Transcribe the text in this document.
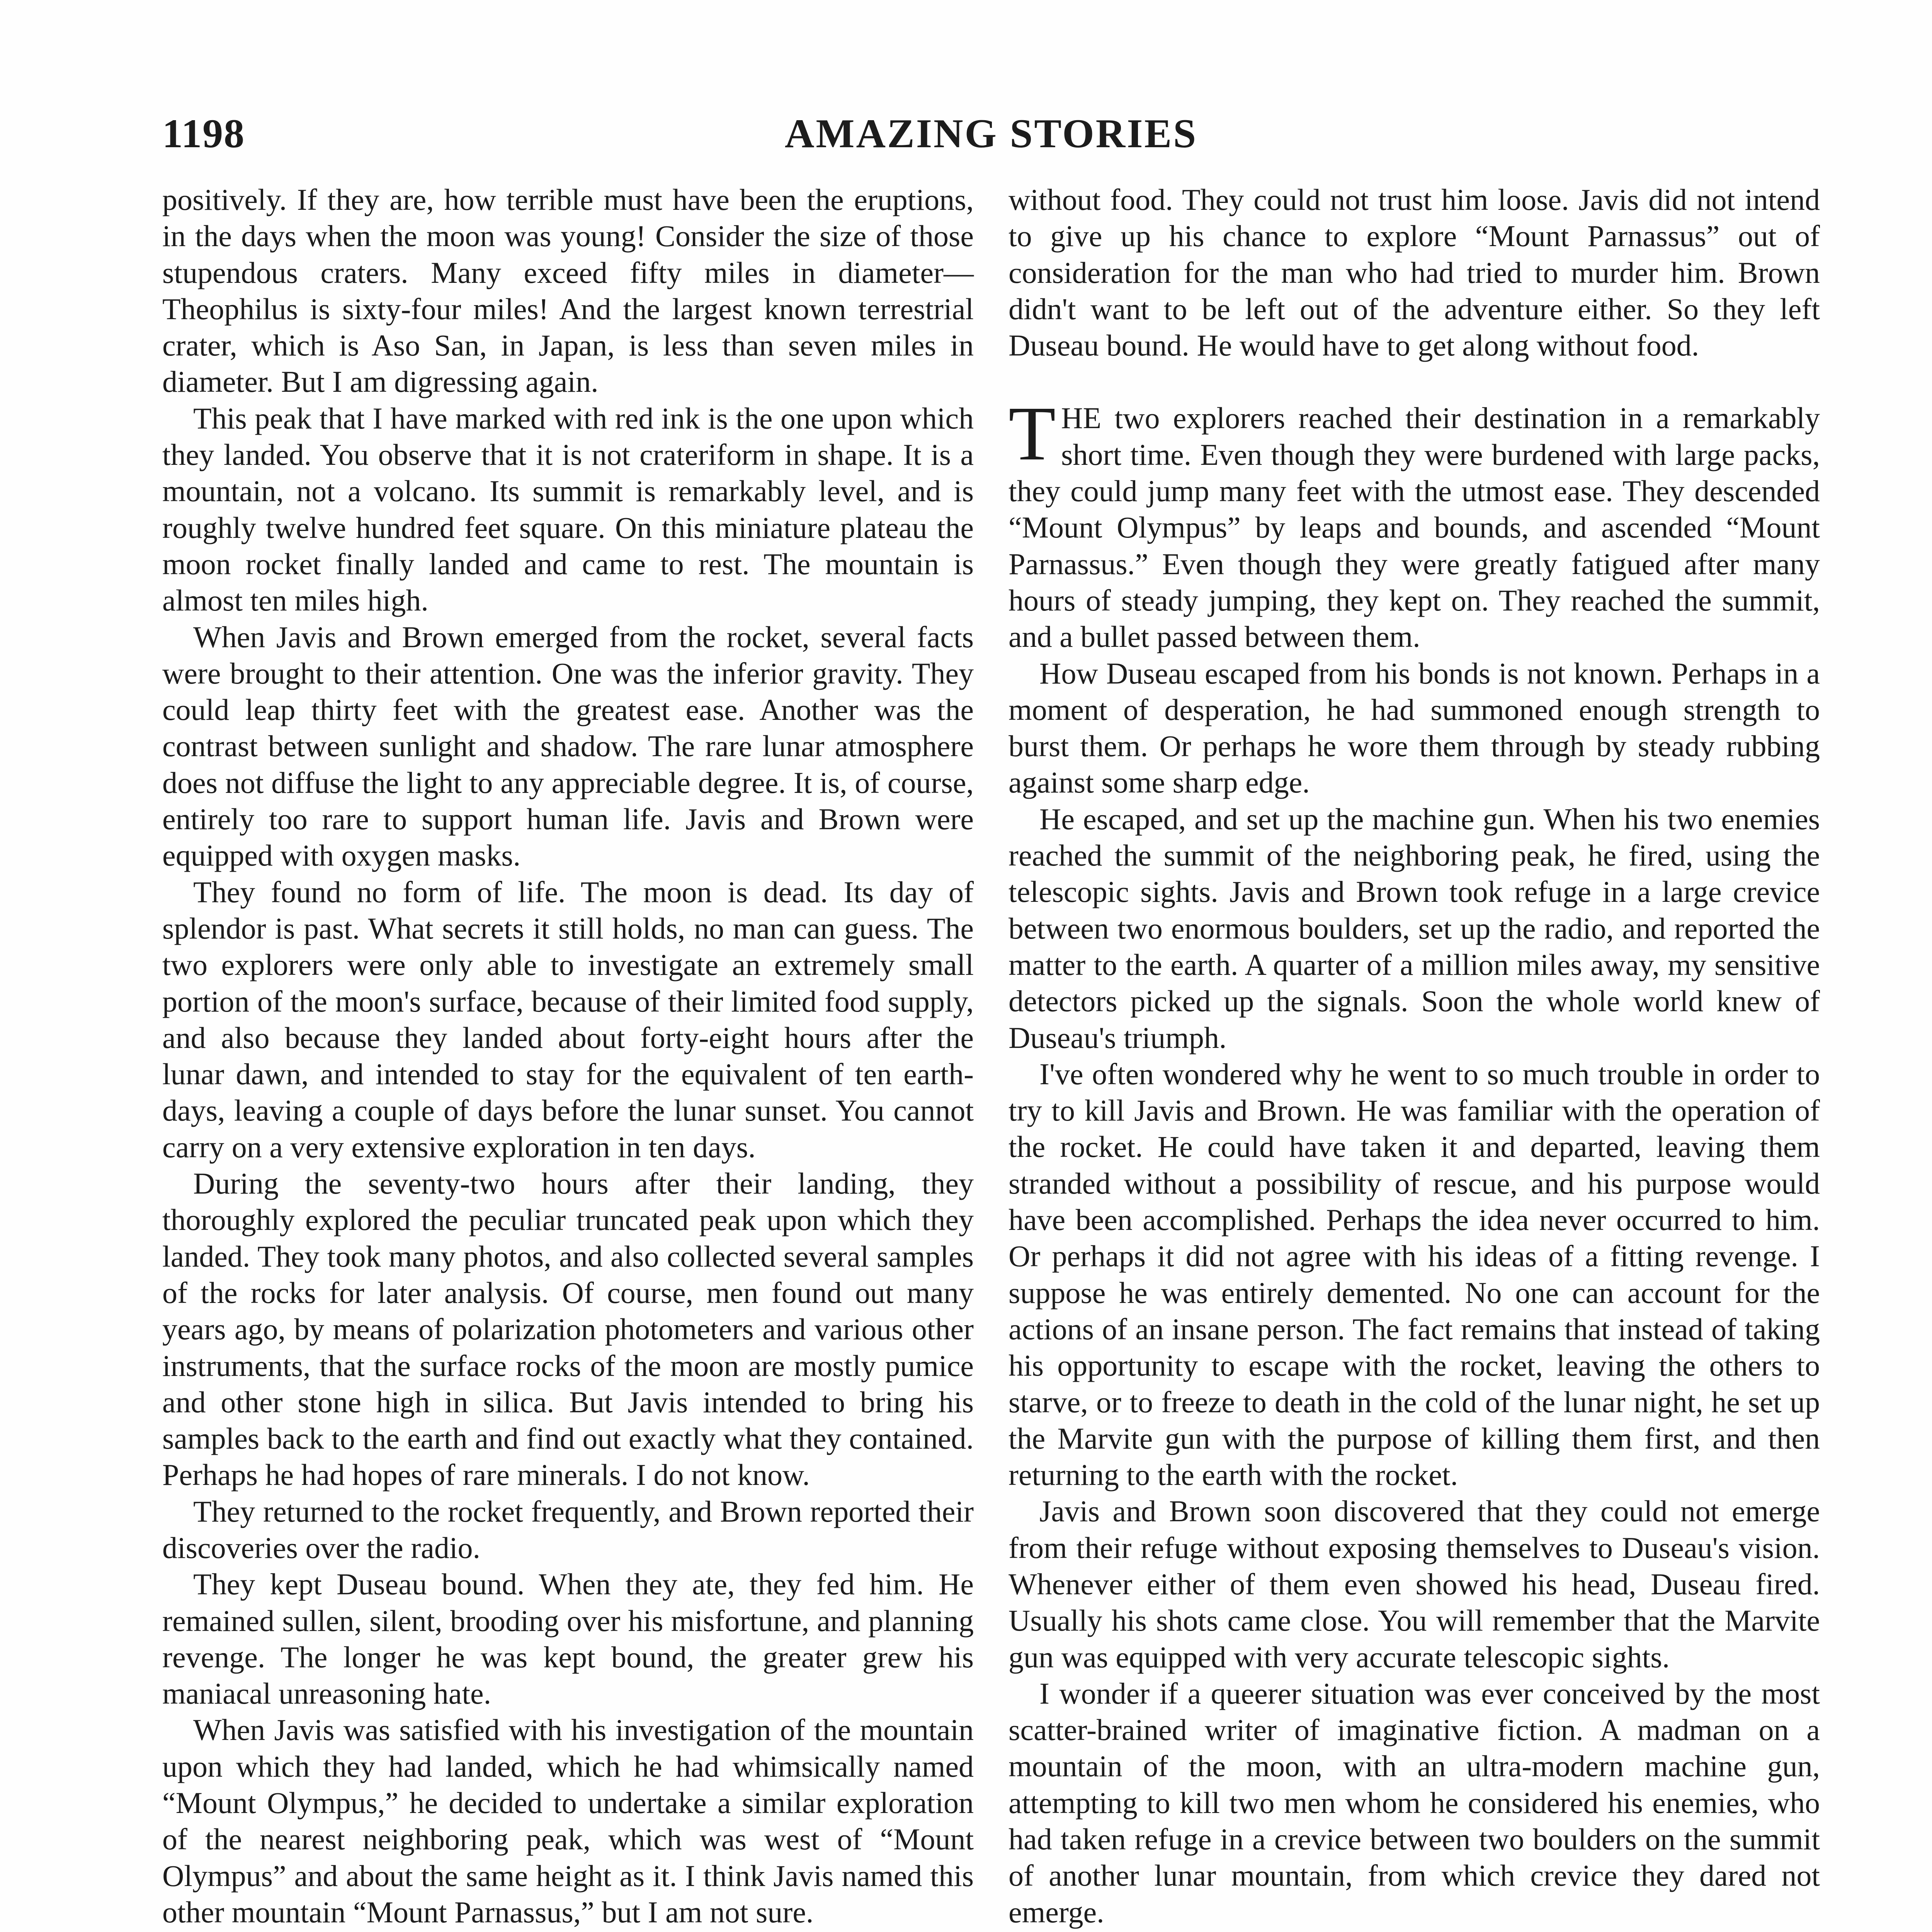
1198	AMAZING STORIES

positively. If they are, how terrible must have been the eruptions, in the days when the moon was young! Consider the size of those stupendous craters. Many exceed fifty miles in diameter—Theophilus is sixty-four miles! And the largest known terrestrial crater, which is Aso San, in Japan, is less than seven miles in diameter. But I am digressing again.

This peak that I have marked with red ink is the one upon which they landed. You observe that it is not crateriform in shape. It is a mountain, not a volcano. Its summit is remarkably level, and is roughly twelve hundred feet square. On this miniature plateau the moon rocket finally landed and came to rest. The mountain is almost ten miles high.

When Javis and Brown emerged from the rocket, several facts were brought to their attention. One was the inferior gravity. They could leap thirty feet with the greatest ease. Another was the contrast between sunlight and shadow. The rare lunar atmosphere does not diffuse the light to any appreciable degree. It is, of course, entirely too rare to support human life. Javis and Brown were equipped with oxygen masks.

They found no form of life. The moon is dead. Its day of splendor is past. What secrets it still holds, no man can guess. The two explorers were only able to investigate an extremely small portion of the moon's surface, because of their limited food supply, and also because they landed about forty-eight hours after the lunar dawn, and intended to stay for the equivalent of ten earth-days, leaving a couple of days before the lunar sunset. You cannot carry on a very extensive exploration in ten days.

During the seventy-two hours after their landing, they thoroughly explored the peculiar truncated peak upon which they landed. They took many photos, and also collected several samples of the rocks for later analysis. Of course, men found out many years ago, by means of polarization photometers and various other instruments, that the surface rocks of the moon are mostly pumice and other stone high in silica. But Javis intended to bring his samples back to the earth and find out exactly what they contained. Perhaps he had hopes of rare minerals. I do not know.

They returned to the rocket frequently, and Brown reported their discoveries over the radio.

They kept Duseau bound. When they ate, they fed him. He remained sullen, silent, brooding over his misfortune, and planning revenge. The longer he was kept bound, the greater grew his maniacal unreasoning hate.

When Javis was satisfied with his investigation of the mountain upon which they had landed, which he had whimsically named “Mount Olympus,” he decided to undertake a similar exploration of the nearest neighboring peak, which was west of “Mount Olympus” and about the same height as it. I think Javis named this other mountain “Mount Parnassus,” but I am not sure.

without food. They could not trust him loose. Javis did not intend to give up his chance to explore “Mount Parnassus” out of consideration for the man who had tried to murder him. Brown didn't want to be left out of the adventure either. So they left Duseau bound. He would have to get along without food.

THE two explorers reached their destination in a remarkably short time. Even though they were burdened with large packs, they could jump many feet with the utmost ease. They descended “Mount Olympus” by leaps and bounds, and ascended “Mount Parnassus.” Even though they were greatly fatigued after many hours of steady jumping, they kept on. They reached the summit, and a bullet passed between them.

How Duseau escaped from his bonds is not known. Perhaps in a moment of desperation, he had summoned enough strength to burst them. Or perhaps he wore them through by steady rubbing against some sharp edge.

He escaped, and set up the machine gun. When his two enemies reached the summit of the neighboring peak, he fired, using the telescopic sights. Javis and Brown took refuge in a large crevice between two enormous boulders, set up the radio, and reported the matter to the earth. A quarter of a million miles away, my sensitive detectors picked up the signals. Soon the whole world knew of Duseau's triumph.

I've often wondered why he went to so much trouble in order to try to kill Javis and Brown. He was familiar with the operation of the rocket. He could have taken it and departed, leaving them stranded without a possibility of rescue, and his purpose would have been accomplished. Perhaps the idea never occurred to him. Or perhaps it did not agree with his ideas of a fitting revenge. I suppose he was entirely demented. No one can account for the actions of an insane person. The fact remains that instead of taking his opportunity to escape with the rocket, leaving the others to starve, or to freeze to death in the cold of the lunar night, he set up the Marvite gun with the purpose of killing them first, and then returning to the earth with the rocket.

Javis and Brown soon discovered that they could not emerge from their refuge without exposing themselves to Duseau's vision. Whenever either of them even showed his head, Duseau fired. Usually his shots came close. You will remember that the Marvite gun was equipped with very accurate telescopic sights.

I wonder if a queerer situation was ever conceived by the most scatter-brained writer of imaginative fiction. A madman on a mountain of the moon, with an ultra-modern machine gun, attempting to kill two men whom he considered his enemies, who had taken refuge in a crevice between two boulders on the summit of another lunar mountain, from which crevice they dared not emerge.
